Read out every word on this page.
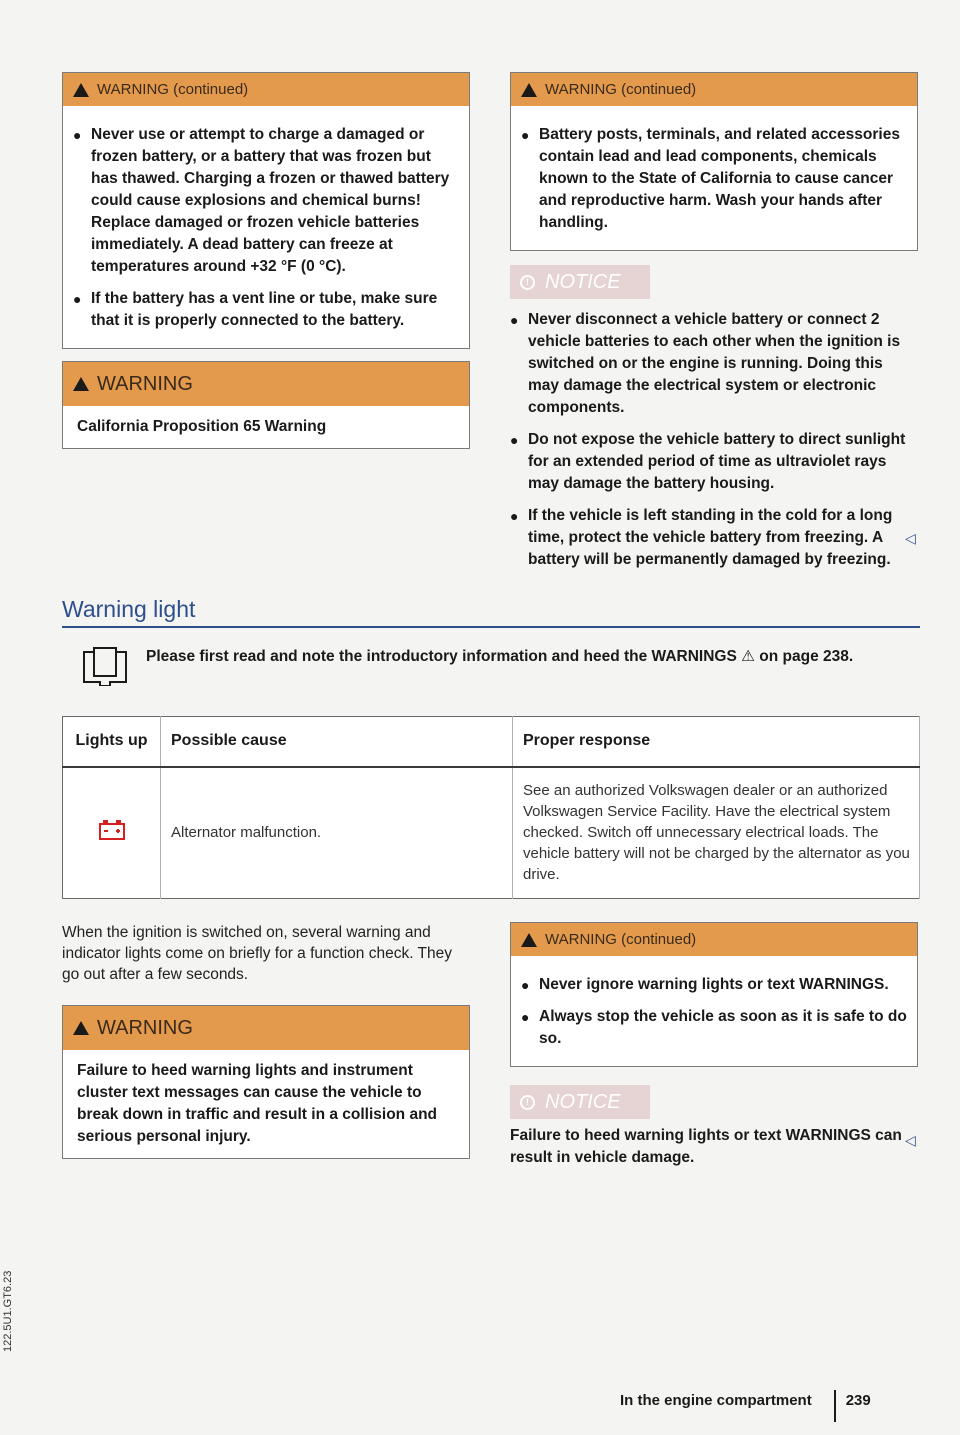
WARNING (continued)
● Never use or attempt to charge a damaged or frozen battery, or a battery that was frozen but has thawed. Charging a frozen or thawed battery could cause explosions and chemical burns! Replace damaged or frozen vehicle batteries immediately. A dead battery can freeze at temperatures around +32 °F (0 °C).
● If the battery has a vent line or tube, make sure that it is properly connected to the battery.
WARNING
California Proposition 65 Warning
WARNING (continued)
● Battery posts, terminals, and related accessories contain lead and lead components, chemicals known to the State of California to cause cancer and reproductive harm. Wash your hands after handling.
! NOTICE
● Never disconnect a vehicle battery or connect 2 vehicle batteries to each other when the ignition is switched on or the engine is running. Doing this may damage the electrical system or electronic components.
● Do not expose the vehicle battery to direct sunlight for an extended period of time as ultraviolet rays may damage the battery housing.
● If the vehicle is left standing in the cold for a long time, protect the vehicle battery from freezing. A battery will be permanently damaged by freezing.
◁
Warning light
Please first read and note the introductory information and heed the WARNINGS ⚠ on page 238.
Lights up	Possible cause	Proper response
	Alternator malfunction.	See an authorized Volkswagen dealer or an authorized Volkswagen Service Facility. Have the electrical system checked. Switch off unnecessary electrical loads. The vehicle battery will not be charged by the alternator as you drive.
When the ignition is switched on, several warning and indicator lights come on briefly for a function check. They go out after a few seconds.
WARNING
Failure to heed warning lights and instrument cluster text messages can cause the vehicle to break down in traffic and result in a collision and serious personal injury.
WARNING (continued)
● Never ignore warning lights or text WARNINGS.
● Always stop the vehicle as soon as it is safe to do so.
! NOTICE
Failure to heed warning lights or text WARNINGS can result in vehicle damage.
◁
122.5U1.GT6.23
In the engine compartment 239
